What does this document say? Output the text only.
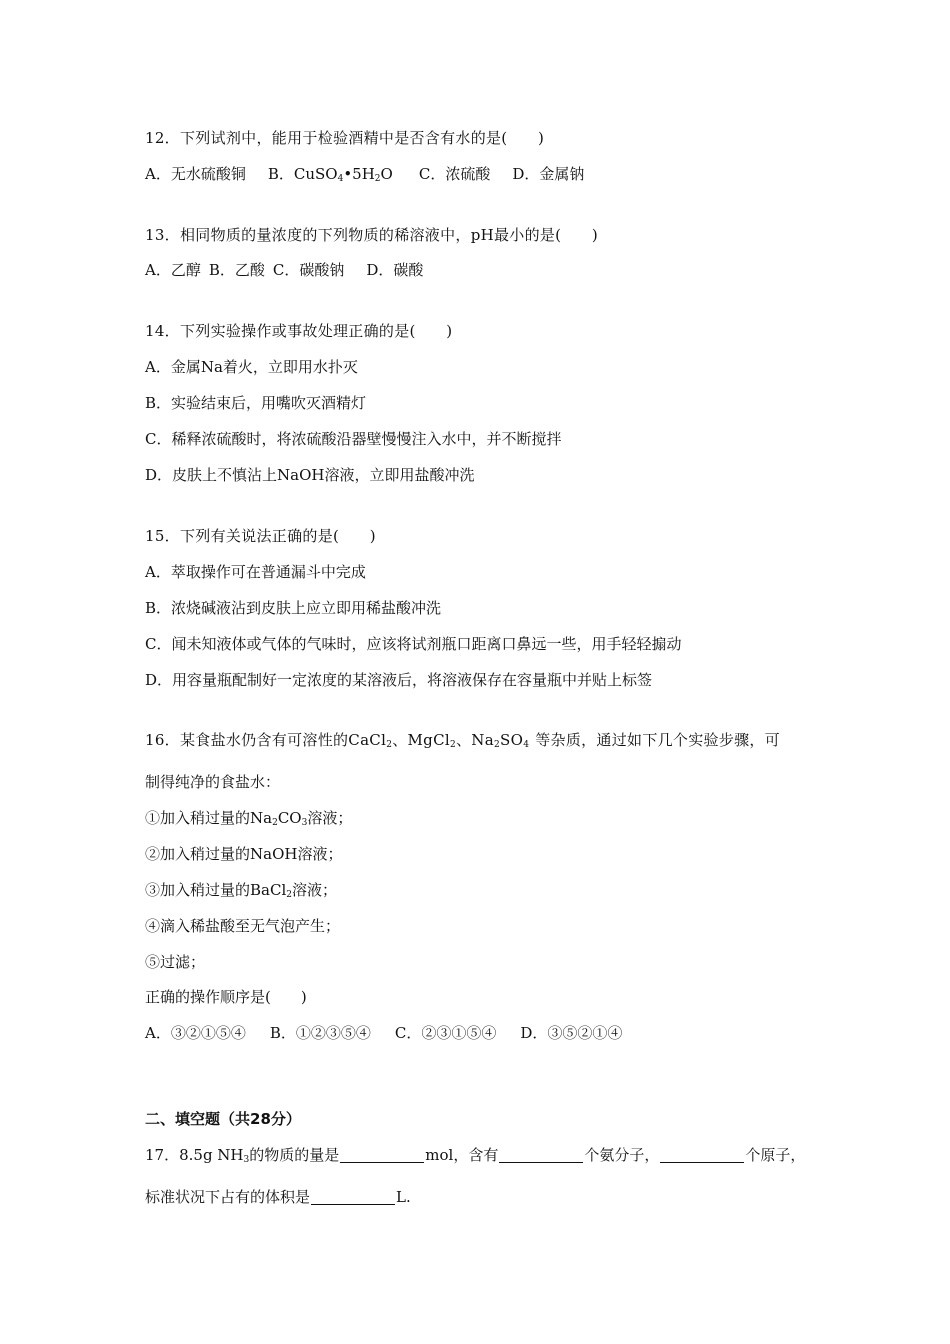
12．下列试剂中，能用于检验酒精中是否含有水的是(　　)
A．无水硫酸铜 B．$CuSO_4•5H_2O$ C．浓硫酸 D．金属钠
13．相同物质的量浓度的下列物质的稀溶液中，pH最小的是(　　)
A．乙醇 B．乙酸 C．碳酸钠 D．碳酸
14．下列实验操作或事故处理正确的是(　　)
A．金属Na着火，立即用水扑灭
B．实验结束后，用嘴吹灭酒精灯
C．稀释浓硫酸时，将浓硫酸沿器壁慢慢注入水中，并不断搅拌
D．皮肤上不慎沾上NaOH溶液，立即用盐酸冲洗
15．下列有关说法正确的是(　　)
A．萃取操作可在普通漏斗中完成
B．浓烧碱液沾到皮肤上应立即用稀盐酸冲洗
C．闻未知液体或气体的气味时，应该将试剂瓶口距离口鼻远一些，用手轻轻搧动
D．用容量瓶配制好一定浓度的某溶液后，将溶液保存在容量瓶中并贴上标签
16．某食盐水仍含有可溶性的CaCl$_2$、MgCl$_2$、$Na_2SO_4$ 等杂质，通过如下几个实验步骤，可
制得纯净的食盐水：
①加入稍过量的$Na_2CO_3$溶液；
②加入稍过量的NaOH溶液；
③加入稍过量的BaCl$_2$溶液；
④滴入稀盐酸至无气泡产生；
⑤过滤；
正确的操作顺序是(　　)
A．③②①⑤④ B．①②③⑤④ C．②③①⑤④ D．③⑤②①④
二、填空题（共28分）
17．8.5g $NH_3$的物质的量是	mol，含有	个氨分子，	个原子，
标准状况下占有的体积是	L.
